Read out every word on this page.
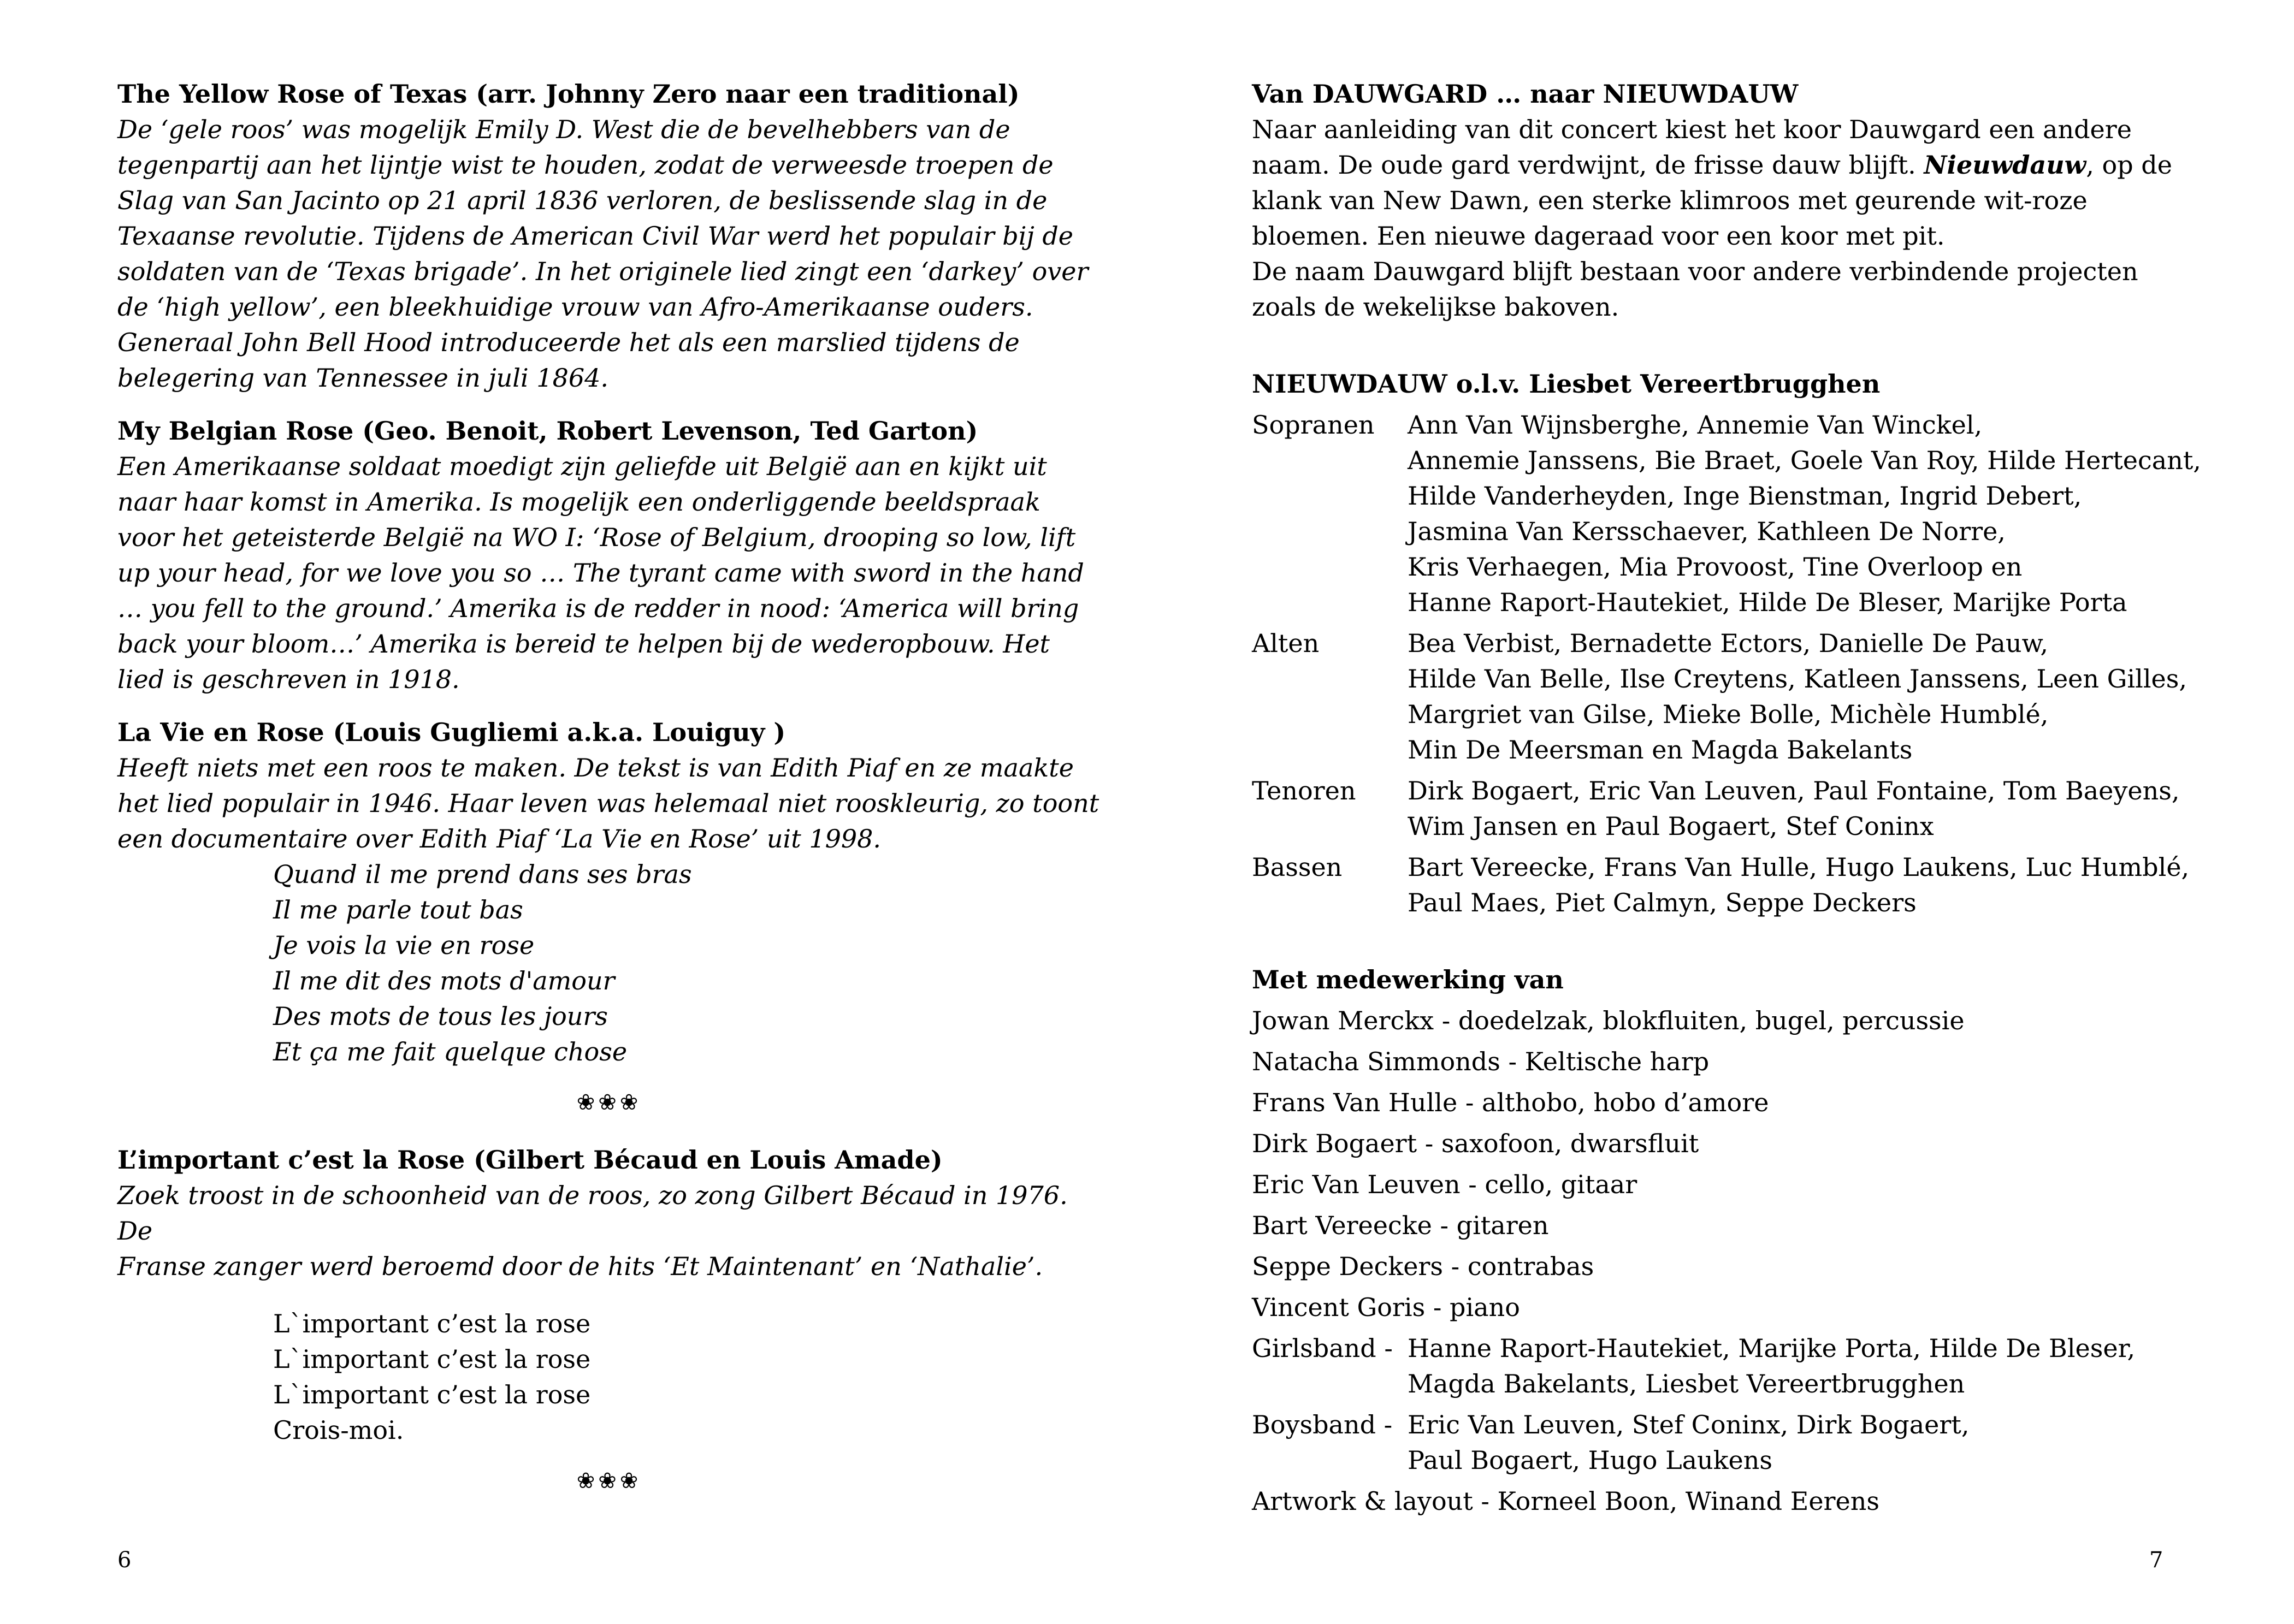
The Yellow Rose of Texas (arr. Johnny Zero naar een traditional)

De ‘gele roos’ was mogelijk Emily D. West die de bevelhebbers van de
tegenpartij aan het lijntje wist te houden, zodat de verweesde troepen de
Slag van San Jacinto op 21 april 1836 verloren, de beslissende slag in de
Texaanse revolutie. Tijdens de American Civil War werd het populair bij de
soldaten van de ‘Texas brigade’. In het originele lied zingt een ‘darkey’ over
de ‘high yellow’, een bleekhuidige vrouw van Afro-Amerikaanse ouders.
Generaal John Bell Hood introduceerde het als een marslied tijdens de
belegering van Tennessee in juli 1864.

My Belgian Rose (Geo. Benoit, Robert Levenson, Ted Garton)

Een Amerikaanse soldaat moedigt zijn geliefde uit België aan en kijkt uit
naar haar komst in Amerika. Is mogelijk een onderliggende beeldspraak
voor het geteisterde België na WO I: ‘Rose of Belgium, drooping so low, lift
up your head, for we love you so … The tyrant came with sword in the hand
… you fell to the ground.’ Amerika is de redder in nood: ‘America will bring
back your bloom…’ Amerika is bereid te helpen bij de wederopbouw. Het
lied is geschreven in 1918.

La Vie en Rose (Louis Gugliemi a.k.a. Louiguy )

Heeft niets met een roos te maken. De tekst is van Edith Piaf en ze maakte
het lied populair in 1946. Haar leven was helemaal niet rooskleurig, zo toont
een documentaire over Edith Piaf ‘La Vie en Rose’ uit 1998.
Quand il me prend dans ses bras
Il me parle tout bas
Je vois la vie en rose
Il me dit des mots d'amour
Des mots de tous les jours
Et ça me fait quelque chose
❀❀❀

L’important c’est la Rose (Gilbert Bécaud en Louis Amade)

Zoek troost in de schoonheid van de roos, zo zong Gilbert Bécaud in 1976. De
Franse zanger werd beroemd door de hits ‘Et Maintenant’ en ‘Nathalie’.
L`important c’est la rose
L`important c’est la rose
L`important c’est la rose
Crois-moi.
❀❀❀
6

Van DAUWGARD … naar NIEUWDAUW

Naar aanleiding van dit concert kiest het koor Dauwgard een andere
naam. De oude gard verdwijnt, de frisse dauw blijft. Nieuwdauw, op de
klank van New Dawn, een sterke klimroos met geurende wit-roze
bloemen. Een nieuwe dageraad voor een koor met pit.
De naam Dauwgard blijft bestaan voor andere verbindende projecten
zoals de wekelijkse bakoven.

NIEUWDAUW o.l.v. Liesbet Vereertbrugghen

Sopranen	Ann Van Wijnsberghe, Annemie Van Winckel,
Annemie Janssens, Bie Braet, Goele Van Roy, Hilde Hertecant,
Hilde Vanderheyden, Inge Bienstman, Ingrid Debert,
Jasmina Van Kersschaever, Kathleen De Norre,
Kris Verhaegen, Mia Provoost, Tine Overloop en
Hanne Raport-Hautekiet, Hilde De Bleser, Marijke Porta
Alten	Bea Verbist, Bernadette Ectors, Danielle De Pauw,
Hilde Van Belle, Ilse Creytens, Katleen Janssens, Leen Gilles,
Margriet van Gilse, Mieke Bolle, Michèle Humblé,
Min De Meersman en Magda Bakelants
Tenoren	Dirk Bogaert, Eric Van Leuven, Paul Fontaine, Tom Baeyens,
Wim Jansen en Paul Bogaert, Stef Coninx
Bassen	Bart Vereecke, Frans Van Hulle, Hugo Laukens, Luc Humblé,
Paul Maes, Piet Calmyn, Seppe Deckers

Met medewerking van

Jowan Merckx - doedelzak, blokfluiten, bugel, percussie
Natacha Simmonds - Keltische harp
Frans Van Hulle - althobo, hobo d’amore
Dirk Bogaert - saxofoon, dwarsfluit
Eric Van Leuven - cello, gitaar
Bart Vereecke - gitaren
Seppe Deckers - contrabas
Vincent Goris - piano
Girlsband - Hanne Raport-Hautekiet, Marijke Porta, Hilde De Bleser,
Magda Bakelants, Liesbet Vereertbrugghen
Boysband - Eric Van Leuven, Stef Coninx, Dirk Bogaert,
Paul Bogaert, Hugo Laukens
Artwork & layout - Korneel Boon, Winand Eerens
7
